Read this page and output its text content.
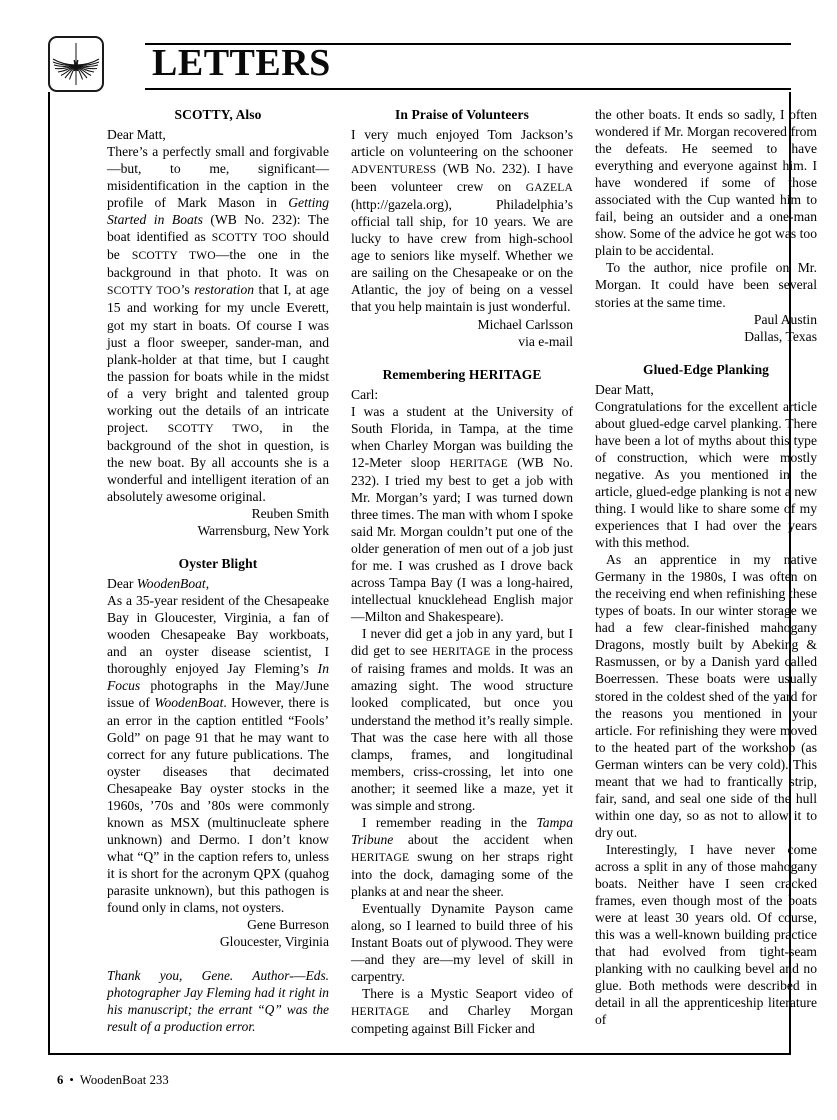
LETTERS
SCOTTY, Also

Dear Matt,

There’s a perfectly small and forgivable—but, to me, significant—misidentification in the caption in the profile of Mark Mason in Getting Started in Boats (WB No. 232): The boat identified as SCOTTY TOO should be SCOTTY TWO—the one in the background in that photo. It was on SCOTTY TOO’s restoration that I, at age 15 and working for my uncle Everett, got my start in boats. Of course I was just a floor sweeper, sander-man, and plank-holder at that time, but I caught the passion for boats while in the midst of a very bright and talented group working out the details of an intricate project. SCOTTY TWO, in the background of the shot in question, is the new boat. By all accounts she is a wonderful and intelligent iteration of an absolutely awesome original.

Reuben Smith

Warrensburg, New York

Oyster Blight

Dear WoodenBoat,

As a 35-year resident of the Chesapeake Bay in Gloucester, Virginia, a fan of wooden Chesapeake Bay workboats, and an oyster disease scientist, I thoroughly enjoyed Jay Fleming’s In Focus photographs in the May/June issue of WoodenBoat. However, there is an error in the caption entitled “Fools’ Gold” on page 91 that he may want to correct for any future publications. The oyster diseases that decimated Chesapeake Bay oyster stocks in the 1960s, ’70s and ’80s were commonly known as MSX (multinucleate sphere unknown) and Dermo. I don’t know what “Q” in the caption refers to, unless it is short for the acronym QPX (quahog parasite unknown), but this pathogen is found only in clams, not oysters.

Gene Burreson

Gloucester, Virginia

—Eds.
Thank you, Gene. Author-photographer Jay Fleming had it right in his manuscript; the errant “Q” was the result of a production error.

In Praise of Volunteers

I very much enjoyed Tom Jackson’s article on volunteering on the schooner ADVENTURESS (WB No. 232). I have been volunteer crew on GAZELA (http://gazela.org), Philadelphia’s official tall ship, for 10 years. We are lucky to have crew from high-school age to seniors like myself. Whether we are sailing on the Chesapeake or on the Atlantic, the joy of being on a vessel that you help maintain is just wonderful.

Michael Carlsson

via e-mail

Remembering HERITAGE

Carl:

I was a student at the University of South Florida, in Tampa, at the time when Charley Morgan was building the 12-Meter sloop HERITAGE (WB No. 232). I tried my best to get a job with Mr. Morgan’s yard; I was turned down three times. The man with whom I spoke said Mr. Morgan couldn’t put one of the older generation of men out of a job just for me. I was crushed as I drove back across Tampa Bay (I was a long-haired, intellectual knucklehead English major—Milton and Shakespeare).

I never did get a job in any yard, but I did get to see HERITAGE in the process of raising frames and molds. It was an amazing sight. The wood structure looked complicated, but once you understand the method it’s really simple. That was the case here with all those clamps, frames, and longitudinal members, criss-crossing, let into one another; it seemed like a maze, yet it was simple and strong.

I remember reading in the Tampa Tribune about the accident when HERITAGE swung on her straps right into the dock, damaging some of the planks at and near the sheer.

Eventually Dynamite Payson came along, so I learned to build three of his Instant Boats out of plywood. They were—and they are—my level of skill in carpentry.

There is a Mystic Seaport video of HERITAGE and Charley Morgan competing against Bill Ficker and

the other boats. It ends so sadly, I often wondered if Mr. Morgan recovered from the defeats. He seemed to have everything and everyone against him. I have wondered if some of those associated with the Cup wanted him to fail, being an outsider and a one-man show. Some of the advice he got was too plain to be accidental.

To the author, nice profile on Mr. Morgan. It could have been several stories at the same time.

Paul Austin

Dallas, Texas

Glued-Edge Planking

Dear Matt,

Congratulations for the excellent article about glued-edge carvel planking. There have been a lot of myths about this type of construction, which were mostly negative. As you mentioned in the article, glued-edge planking is not a new thing. I would like to share some of my experiences that I had over the years with this method.

As an apprentice in my native Germany in the 1980s, I was often on the receiving end when refinishing these types of boats. In our winter storage we had a few clear-finished mahogany Dragons, mostly built by Abeking & Rasmussen, or by a Danish yard called Boerressen. These boats were usually stored in the coldest shed of the yard for the reasons you mentioned in your article. For refinishing they were moved to the heated part of the workshop (as German winters can be very cold). This meant that we had to frantically strip, fair, sand, and seal one side of the hull within one day, so as not to allow it to dry out.

Interestingly, I have never come across a split in any of those mahogany boats. Neither have I seen cracked frames, even though most of the boats were at least 30 years old. Of course, this was a well-known building practice that had evolved from tight-seam planking with no caulking bevel and no glue. Both methods were described in detail in all the apprenticeship literature of

6 • WoodenBoat 233
